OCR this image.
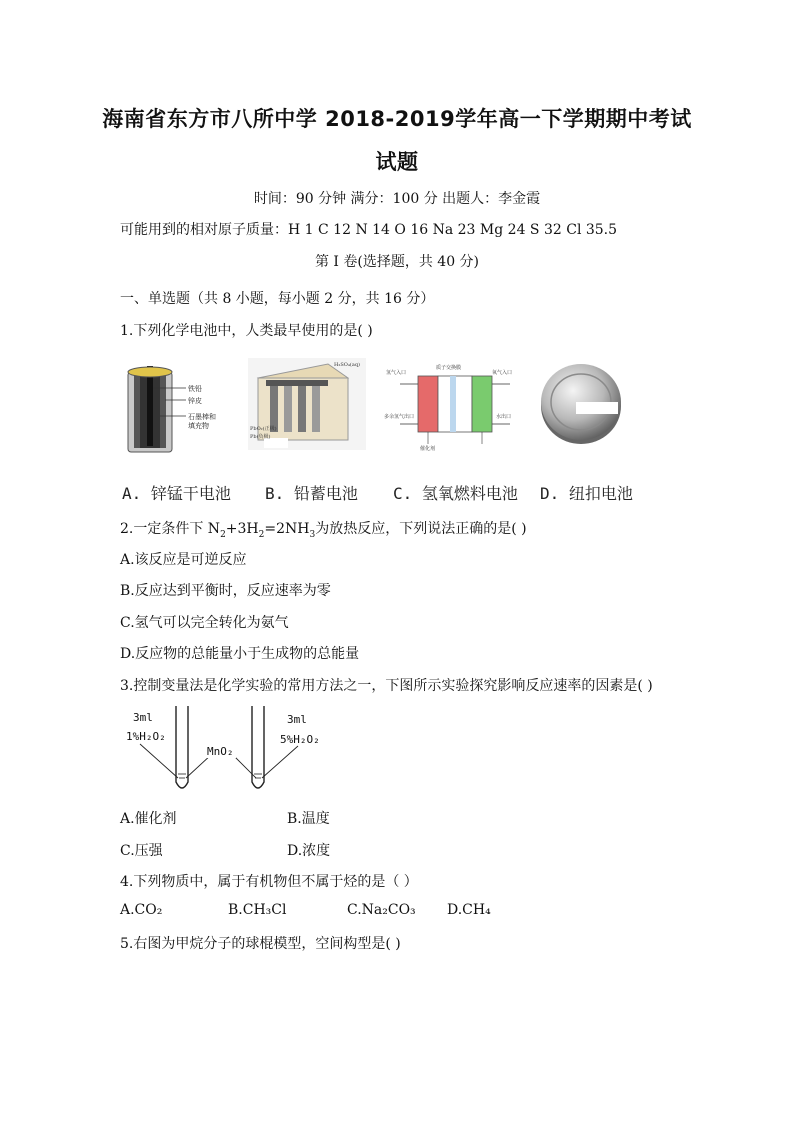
海南省东方市八所中学 2018-2019学年高一下学期期中考试
试题
时间：90 分钟 满分：100 分 出题人：李金霞
可能用到的相对原子质量：H 1 C 12 N 14 O 16 Na 23 Mg 24 S 32 Cl 35.5
第 I 卷(选择题，共 40 分)
一、单选题（共 8 小题，每小题 2 分，共 16 分）
1.下列化学电池中，人类最早使用的是( )
铁铅
锌皮
石墨棒和
填充物
H₂SO₄(aq)
PbO₂(正极)
Pb(负极)
质子交换膜
氢气入口	氧气入口
多余氢气出口	水出口
催化剂
A. 锌锰干电池 B. 铅蓄电池 C. 氢氧燃料电池 D. 纽扣电池
2.一定条件下 $N_2+3H_2=2NH_3$为放热反应，下列说法正确的是( )
A.该反应是可逆反应
B.反应达到平衡时，反应速率为零
C.氢气可以完全转化为氨气
D.反应物的总能量小于生成物的总能量
3.控制变量法是化学实验的常用方法之一，下图所示实验探究影响反应速率的因素是( )
3ml
1%H₂O₂
MnO₂
3ml
5%H₂O₂
A.催化剂	B.温度
C.压强	D.浓度
4.下列物质中，属于有机物但不属于烃的是（ ）
A.CO₂	B.CH₃Cl	C.Na₂CO₃ D.CH₄
5.右图为甲烷分子的球棍模型，空间构型是( )
